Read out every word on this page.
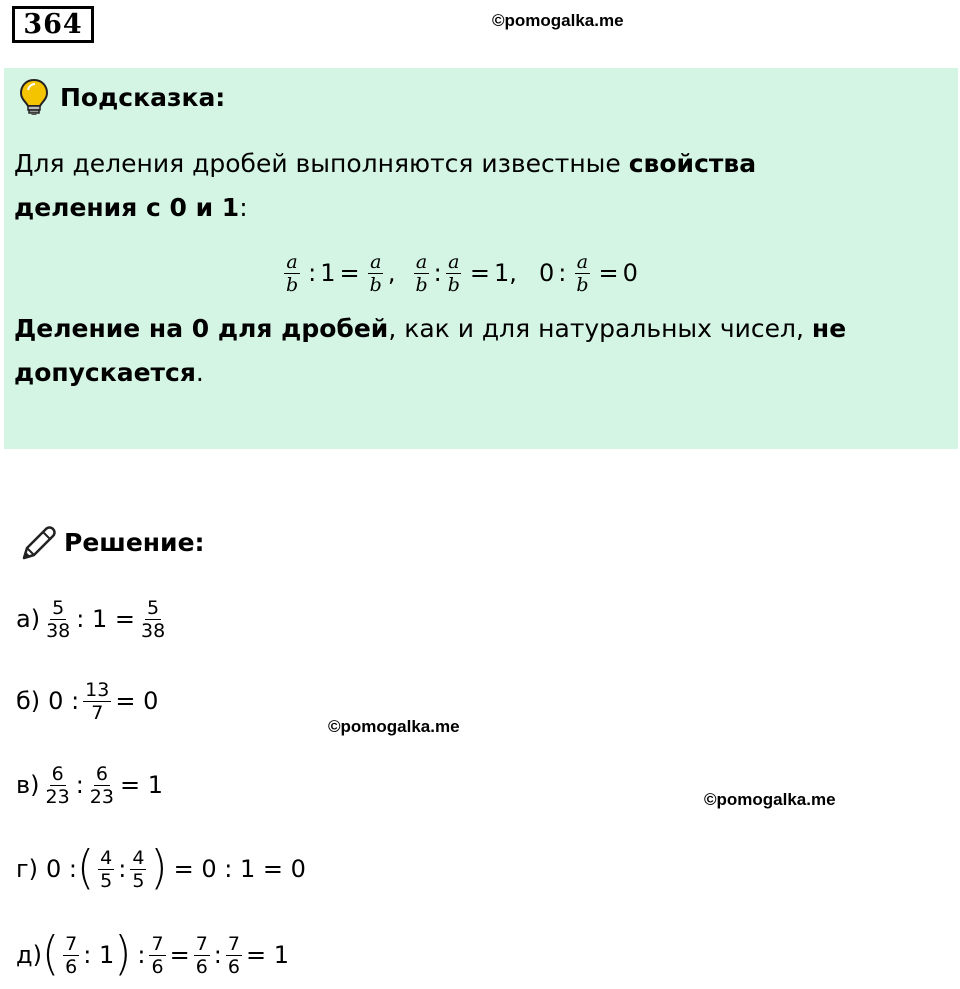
364	©pomogalka.me
Подсказка:
Для деления дробей выполняются известные свойства
деления с 0 и 1:
$\frac{a}{b}$ : $1 = \frac{a}{b}$ , $\frac{a}{b}$ : $\frac{a}{b} = 1$ , 0 : $\frac{a}{b} = 0$
Деление на 0 для дробей, как и для натуральных чисел, не
допускается.
Решение:
$а) \frac{5}{38}$ : $1 = \frac{5}{38}$
б) 0 : $\frac{13}{7} = 0$
©pomogalka.me
$в) \frac{6}{23}$ : $\frac{6}{23} = 1$
©pomogalka.me
г) 0 : ( $\frac{4}{5}$ : $\frac{4}{5}$ ) = 0 : 1 = 0
д) ( $\frac{7}{6}$ : 1 ) : $\frac{7}{6} = \frac{7}{6}$ : $\frac{7}{6} = 1$
